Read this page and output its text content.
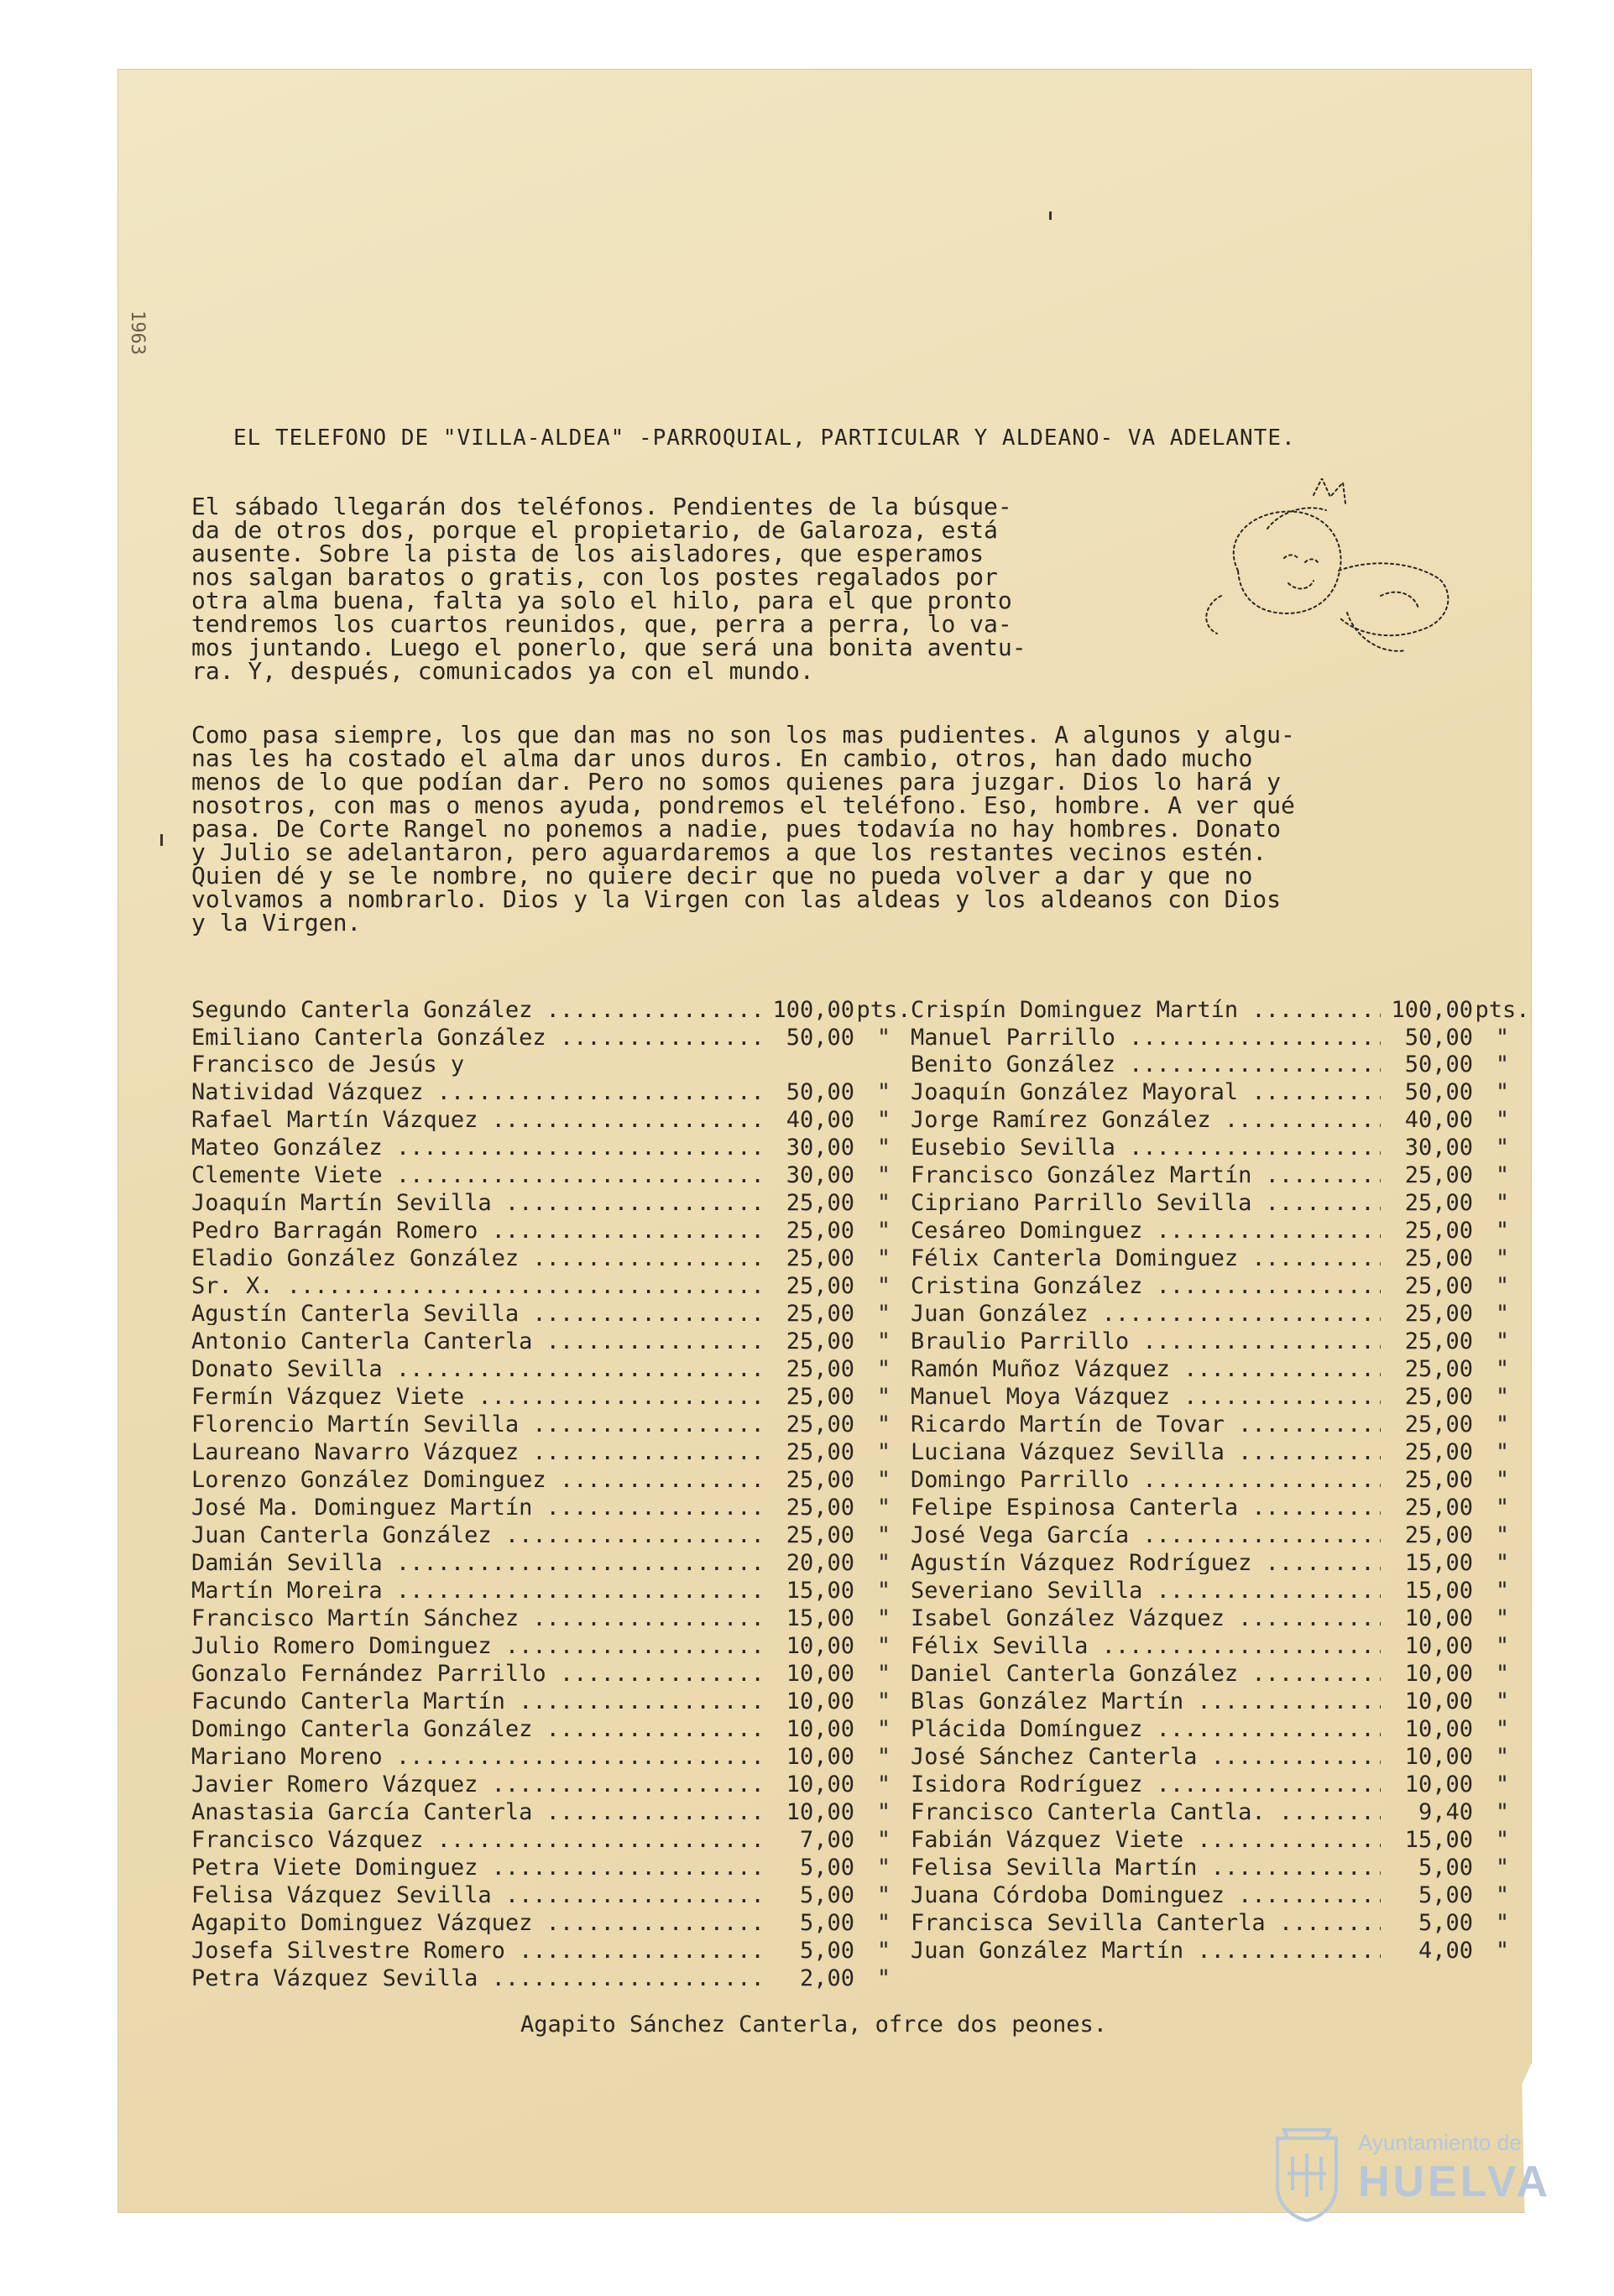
1963
EL TELEFONO DE "VILLA-ALDEA" -PARROQUIAL, PARTICULAR Y ALDEANO- VA ADELANTE.
El sábado llegarán dos teléfonos. Pendientes de la búsque-
da de otros dos, porque el propietario, de Galaroza, está
ausente. Sobre la pista de los aisladores, que esperamos
nos salgan baratos o gratis, con los postes regalados por
otra alma buena, falta ya solo el hilo, para el que pronto
tendremos los cuartos reunidos, que, perra a perra, lo va-
mos juntando. Luego el ponerlo, que será una bonita aventu-
ra. Y, después, comunicados ya con el mundo.
Como pasa siempre, los que dan mas no son los mas pudientes. A algunos y algu-
nas les ha costado el alma dar unos duros. En cambio, otros, han dado mucho
menos de lo que podían dar. Pero no somos quienes para juzgar. Dios lo hará y
nosotros, con mas o menos ayuda, pondremos el teléfono. Eso, hombre. A ver qué
pasa. De Corte Rangel no ponemos a nadie, pues todavía no hay hombres. Donato
y Julio se adelantaron, pero aguardaremos a que los restantes vecinos estén.
Quien dé y se le nombre, no quiere decir que no pueda volver a dar y que no
volvamos a nombrarlo. Dios y la Virgen con las aldeas y los aldeanos con Dios
y la Virgen.
Segundo Canterla González .....	100,00 pts.
Emiliano Canterla González .....	50,00 "
Francisco de Jesús y
Natividad Vázquez .....	50,00 "
Rafael Martín Vázquez .....	40,00 "
Mateo González .....	30,00 "
Clemente Viete .....	30,00 "
Joaquín Martín Sevilla .....	25,00 "
Pedro Barragán Romero .....	25,00 "
Eladio González González .....	25,00 "
Sr. X. .....	25,00 "
Agustín Canterla Sevilla .....	25,00 "
Antonio Canterla Canterla .....	25,00 "
Donato Sevilla .....	25,00 "
Fermín Vázquez Viete .....	25,00 "
Florencio Martín Sevilla .....	25,00 "
Laureano Navarro Vázquez .....	25,00 "
Lorenzo González Dominguez .....	25,00 "
José Ma. Dominguez Martín .....	25,00 "
Juan Canterla González .....	25,00 "
Damián Sevilla .....	20,00 "
Martín Moreira .....	15,00 "
Francisco Martín Sánchez .....	15,00 "
Julio Romero Dominguez .....	10,00 "
Gonzalo Fernández Parrillo .....	10,00 "
Facundo Canterla Martín .....	10,00 "
Domingo Canterla González .....	10,00 "
Mariano Moreno .....	10,00 "
Javier Romero Vázquez .....	10,00 "
Anastasia García Canterla .....	10,00 "
Francisco Vázquez .....	7,00 "
Petra Viete Dominguez .....	5,00 "
Felisa Vázquez Sevilla .....	5,00 "
Agapito Dominguez Vázquez .....	5,00 "
Josefa Silvestre Romero .....	5,00 "
Petra Vázquez Sevilla .....	2,00 "
Crispín Dominguez Martín .....	100,00 pts.
Manuel Parrillo .....	50,00 "
Benito González .....	50,00 "
Joaquín González Mayoral .....	50,00 "
Jorge Ramírez González .....	40,00 "
Eusebio Sevilla .....	30,00 "
Francisco González Martín .....	25,00 "
Cipriano Parrillo Sevilla .....	25,00 "
Cesáreo Dominguez .....	25,00 "
Félix Canterla Dominguez .....	25,00 "
Cristina González .....	25,00 "
Juan González .....	25,00 "
Braulio Parrillo .....	25,00 "
Ramón Muñoz Vázquez .....	25,00 "
Manuel Moya Vázquez .....	25,00 "
Ricardo Martín de Tovar .....	25,00 "
Luciana Vázquez Sevilla .....	25,00 "
Domingo Parrillo .....	25,00 "
Felipe Espinosa Canterla .....	25,00 "
José Vega García .....	25,00 "
Agustín Vázquez Rodríguez .....	15,00 "
Severiano Sevilla .....	15,00 "
Isabel González Vázquez .....	10,00 "
Félix Sevilla .....	10,00 "
Daniel Canterla González .....	10,00 "
Blas González Martín .....	10,00 "
Plácida Domínguez .....	10,00 "
José Sánchez Canterla .....	10,00 "
Isidora Rodríguez .....	10,00 "
Francisco Canterla Cantla. .....	9,40 "
Fabián Vázquez Viete .....	15,00 "
Felisa Sevilla Martín .....	5,00 "
Juana Córdoba Dominguez .....	5,00 "
Francisca Sevilla Canterla .....	5,00 "
Juan González Martín .....	4,00 "
Agapito Sánchez Canterla, ofrce dos peones.
Ayuntamiento de
HUELVA
